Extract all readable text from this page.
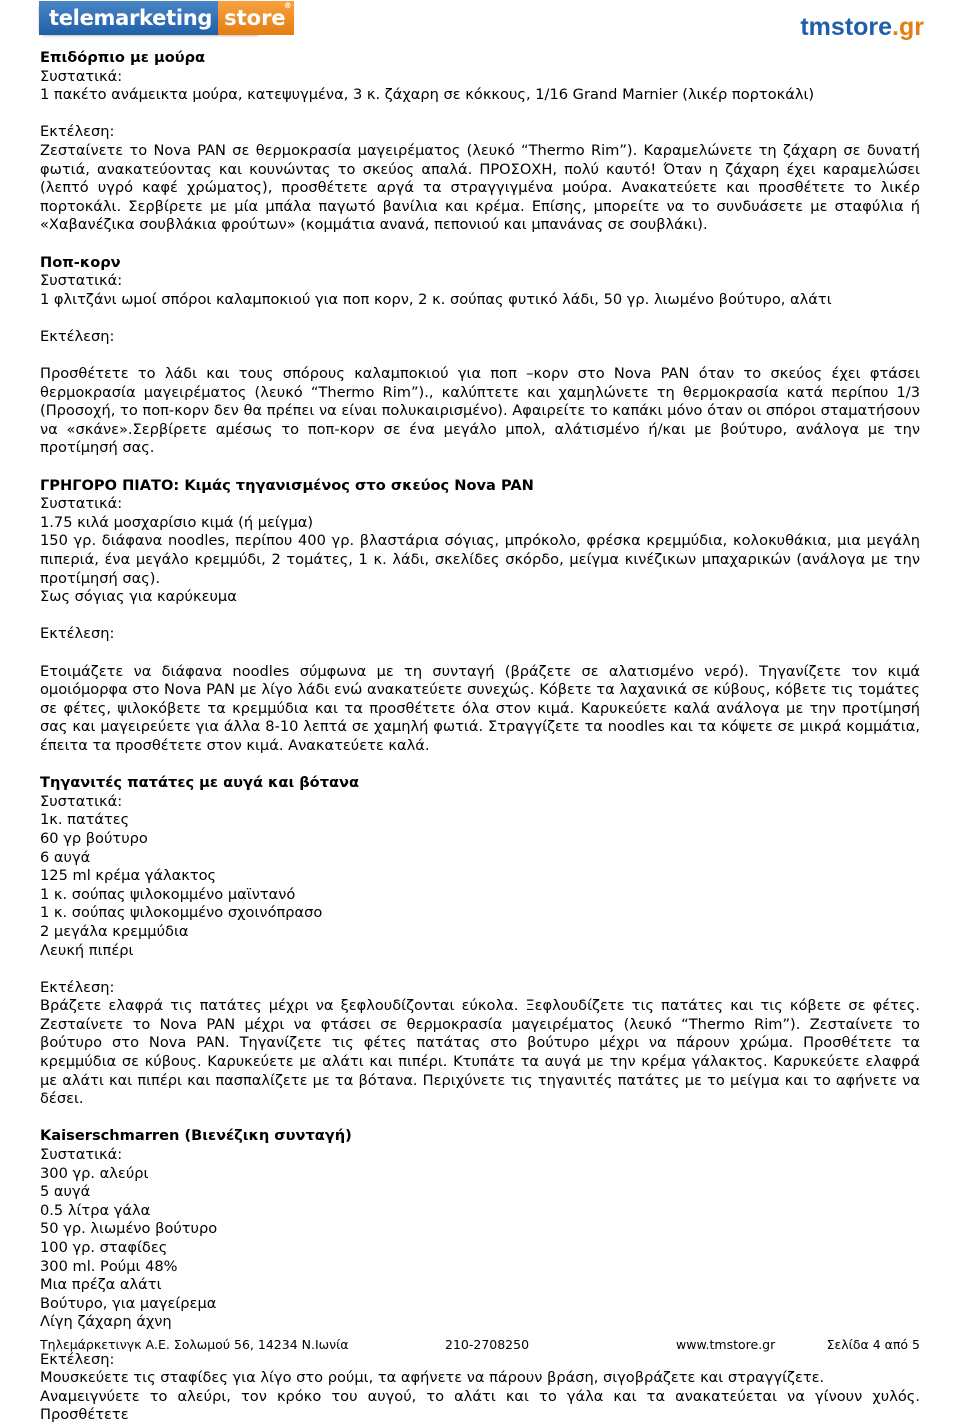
telemarketing store
®
tmstore.gr

Επιδόρπιο με μούρα

Συστατικά:

1 πακέτο ανάμεικτα μούρα, κατεψυγμένα, 3 κ. ζάχαρη σε κόκκους, 1/16 Grand Marnier (λικέρ πορτοκάλι)

Εκτέλεση:

Ζεσταίνετε το Nova PAN σε θερμοκρασία μαγειρέματος (λευκό “Thermo Rim”). Καραμελώνετε τη ζάχαρη σε δυνατή φωτιά, ανακατεύοντας και κουνώντας το σκεύος απαλά. ΠΡΟΣΟΧΗ, πολύ καυτό! Όταν η ζάχαρη έχει καραμελώσει (λεπτό υγρό καφέ χρώματος), προσθέτετε αργά τα στραγγιγμένα μούρα. Ανακατεύετε και προσθέτετε το λικέρ πορτοκάλι. Σερβίρετε με μία μπάλα παγωτό βανίλια και κρέμα. Επίσης, μπορείτε να το συνδυάσετε με σταφύλια ή «Χαβανέζικα σουβλάκια φρούτων» (κομμάτια ανανά, πεπονιού και μπανάνας σε σουβλάκι).

Ποπ-κορν

Συστατικά:

1 φλιτζάνι ωμοί σπόροι καλαμποκιού για ποπ κορν, 2 κ. σούπας φυτικό λάδι, 50 γρ. λιωμένο βούτυρο, αλάτι

Εκτέλεση:

Προσθέτετε το λάδι και τους σπόρους καλαμποκιού για ποπ –κορν στο Nova PAN όταν το σκεύος έχει φτάσει θερμοκρασία μαγειρέματος (λευκό “Thermo Rim”)., καλύπτετε και χαμηλώνετε τη θερμοκρασία κατά περίπου 1/3 (Προσοχή, το ποπ-κορν δεν θα πρέπει να είναι πολυκαιρισμένο). Αφαιρείτε το καπάκι μόνο όταν οι σπόροι σταματήσουν να «σκάνε».Σερβίρετε αμέσως το ποπ-κορν σε ένα μεγάλο μπολ, αλάτισμένο ή/και με βούτυρο, ανάλογα με την προτίμησή σας.

ΓΡΗΓΟΡΟ ΠΙΑΤΟ: Κιμάς τηγανισμένος στο σκεύος Nova PAN

Συστατικά:

1.75 κιλά μοσχαρίσιο κιμά (ή μείγμα)

150 γρ. διάφανα noodles, περίπου 400 γρ. βλαστάρια σόγιας, μπρόκολο, φρέσκα κρεμμύδια, κολοκυθάκια, μια μεγάλη πιπεριά, ένα μεγάλο κρεμμύδι, 2 τομάτες, 1 κ. λάδι, σκελίδες σκόρδο, μείγμα κινέζικων μπαχαρικών (ανάλογα με την προτίμησή σας).

Σως σόγιας για καρύκευμα

Εκτέλεση:

Ετοιμάζετε να διάφανα noodles σύμφωνα με τη συνταγή (βράζετε σε αλατισμένο νερό). Τηγανίζετε τον κιμά ομοιόμορφα στο Nova PAN με λίγο λάδι ενώ ανακατεύετε συνεχώς. Κόβετε τα λαχανικά σε κύβους, κόβετε τις τομάτες σε φέτες, ψιλοκόβετε τα κρεμμύδια και τα προσθέτετε όλα στον κιμά. Καρυκεύετε καλά ανάλογα με την προτίμησή σας και μαγειρεύετε για άλλα 8-10 λεπτά σε χαμηλή φωτιά. Στραγγίζετε τα noodles και τα κόψετε σε μικρά κομμάτια, έπειτα τα προσθέτετε στον κιμά. Ανακατεύετε καλά.

Τηγανιτές πατάτες με αυγά και βότανα

Συστατικά:

1κ. πατάτες

60 γρ βούτυρο

6 αυγά

125 ml κρέμα γάλακτος

1 κ. σούπας ψιλοκομμένο μαϊντανό

1 κ. σούπας ψιλοκομμένο σχοινόπρασο

2 μεγάλα κρεμμύδια

Λευκή πιπέρι

Εκτέλεση:

Βράζετε ελαφρά τις πατάτες μέχρι να ξεφλουδίζονται εύκολα. Ξεφλουδίζετε τις πατάτες και τις κόβετε σε φέτες. Ζεσταίνετε το Nova PAN μέχρι να φτάσει σε θερμοκρασία μαγειρέματος (λευκό “Thermo Rim”). Ζεσταίνετε το βούτυρο στο Nova PAN. Τηγανίζετε τις φέτες πατάτας στο βούτυρο μέχρι να πάρουν χρώμα. Προσθέτετε τα κρεμμύδια σε κύβους. Καρυκεύετε με αλάτι και πιπέρι. Κτυπάτε τα αυγά με την κρέμα γάλακτος. Καρυκεύετε ελαφρά με αλάτι και πιπέρι και πασπαλίζετε με τα βότανα. Περιχύνετε τις τηγανιτές πατάτες με το μείγμα και το αφήνετε να δέσει.

Kaiserschmarren (Βιενέζικη συνταγή)

Συστατικά:

300 γρ. αλεύρι

5 αυγά

0.5 λίτρα γάλα

50 γρ. λιωμένο βούτυρο

100 γρ. σταφίδες

300 ml. Ρούμι 48%

Μια πρέζα αλάτι

Βούτυρο, για μαγείρεμα

Λίγη ζάχαρη άχνη

Εκτέλεση:

Μουσκεύετε τις σταφίδες για λίγο στο ρούμι, τα αφήνετε να πάρουν βράση, σιγοβράζετε και στραγγίζετε.

Αναμειγνύετε το αλεύρι, τον κρόκο του αυγού, το αλάτι και το γάλα και τα ανακατεύεται να γίνουν χυλός. Προσθέτετε

Τηλεμάρκετινγκ Α.Ε. Σολωμού 56, 14234 Ν.Ιωνία	210-2708250	www.tmstore.gr	Σελίδα 4 από 5
